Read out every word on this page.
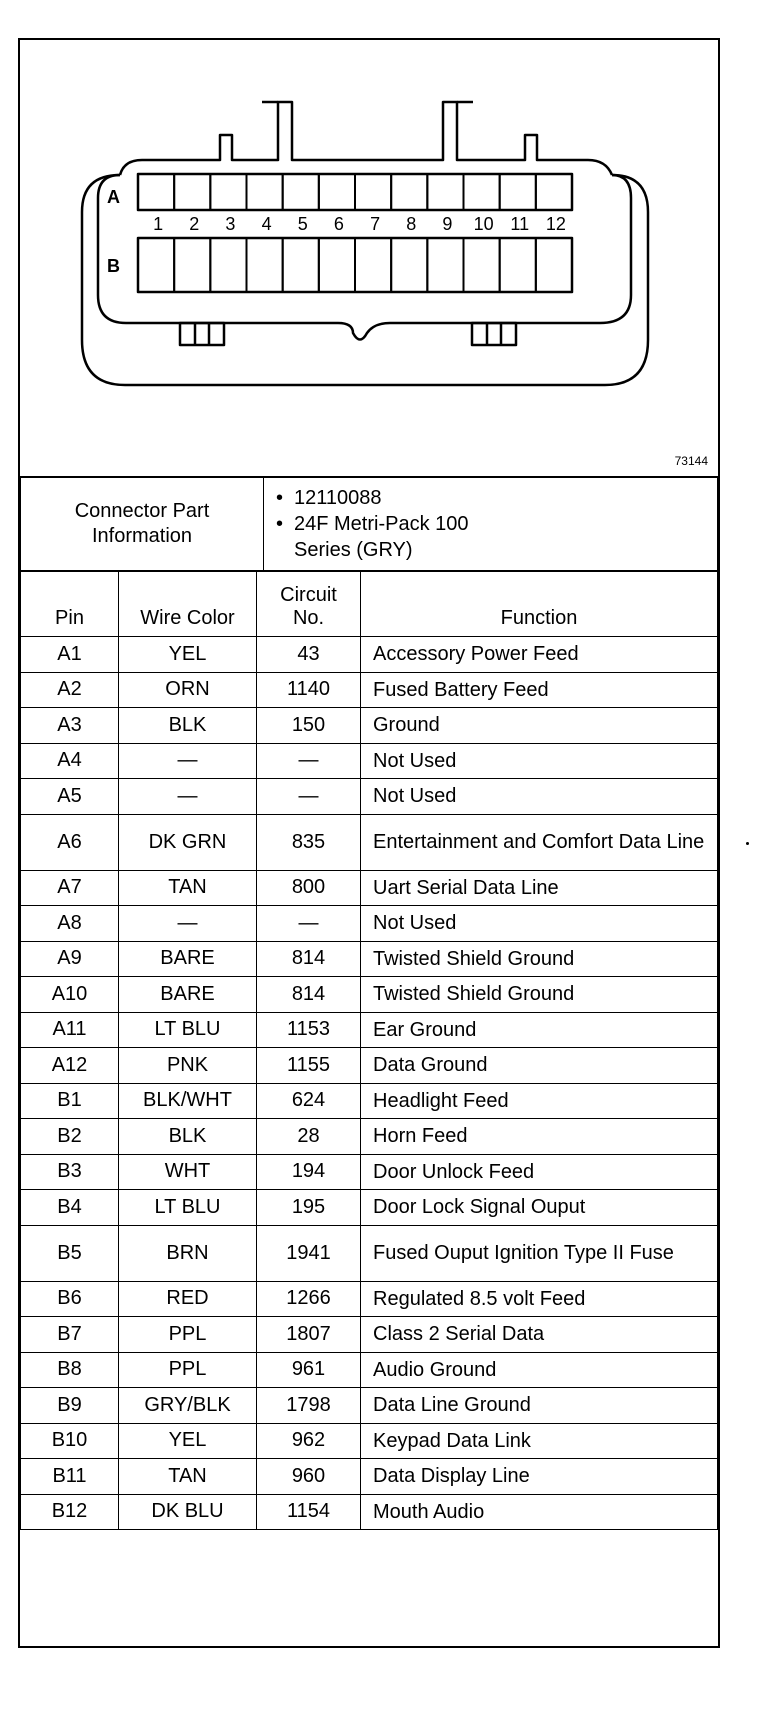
A
B
1 2 3 4 5 6 7 8 9 10 11 12
73144
Connector Part Information	
• 12110088
• 24F Metri-Pack 100 Series (GRY)
Pin	Wire Color	Circuit No.	Function
A1	YEL	43	Accessory Power Feed
A2	ORN	1140	Fused Battery Feed
A3	BLK	150	Ground
A4	—	—	Not Used
A5	—	—	Not Used
A6	DK GRN	835	Entertainment and Comfort Data Line
A7	TAN	800	Uart Serial Data Line
A8	—	—	Not Used
A9	BARE	814	Twisted Shield Ground
A10	BARE	814	Twisted Shield Ground
A11	LT BLU	1153	Ear Ground
A12	PNK	1155	Data Ground
B1	BLK/WHT	624	Headlight Feed
B2	BLK	28	Horn Feed
B3	WHT	194	Door Unlock Feed
B4	LT BLU	195	Door Lock Signal Ouput
B5	BRN	1941	Fused Ouput Ignition Type II Fuse
B6	RED	1266	Regulated 8.5 volt Feed
B7	PPL	1807	Class 2 Serial Data
B8	PPL	961	Audio Ground
B9	GRY/BLK	1798	Data Line Ground
B10	YEL	962	Keypad Data Link
B11	TAN	960	Data Display Line
B12	DK BLU	1154	Mouth Audio
